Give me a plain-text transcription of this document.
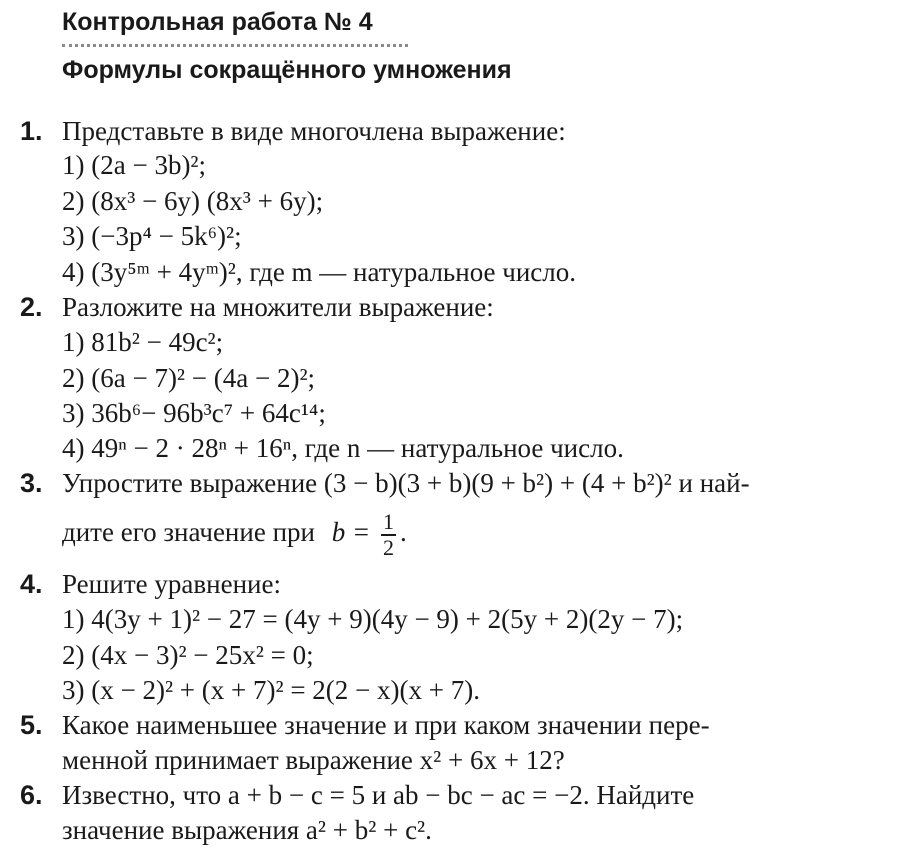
Контрольная работа № 4
Формулы сокращённого умножения
1. Представьте в виде многочлена выражение:
1) (2a − 3b)²;
2) (8x³ − 6y) (8x³ + 6y);
3) (−3p⁴ − 5k⁶)²;
4) (3y⁵ᵐ + 4yᵐ)², где m — натуральное число.
2. Разложите на множители выражение:
1) 81b² − 49c²;
2) (6a − 7)² − (4a − 2)²;
3) 36b⁶− 96b³c⁷ + 64c¹⁴;
4) 49ⁿ − 2 · 28ⁿ + 16ⁿ, где n — натуральное число.
3. Упростите выражение (3 − b)(3 + b)(9 + b²) + (4 + b²)² и най-
дите его значение при $b = \frac{1}{2}$ .
4. Решите уравнение:
1) 4(3y + 1)² − 27 = (4y + 9)(4y − 9) + 2(5y + 2)(2y − 7);
2) (4x − 3)² − 25x² = 0;
3) (x − 2)² + (x + 7)² = 2(2 − x)(x + 7).
5. Какое наименьшее значение и при каком значении пере-
менной принимает выражение x² + 6x + 12?
6. Известно, что a + b − c = 5 и ab − bc − ac = −2. Найдите
значение выражения a² + b² + c².
